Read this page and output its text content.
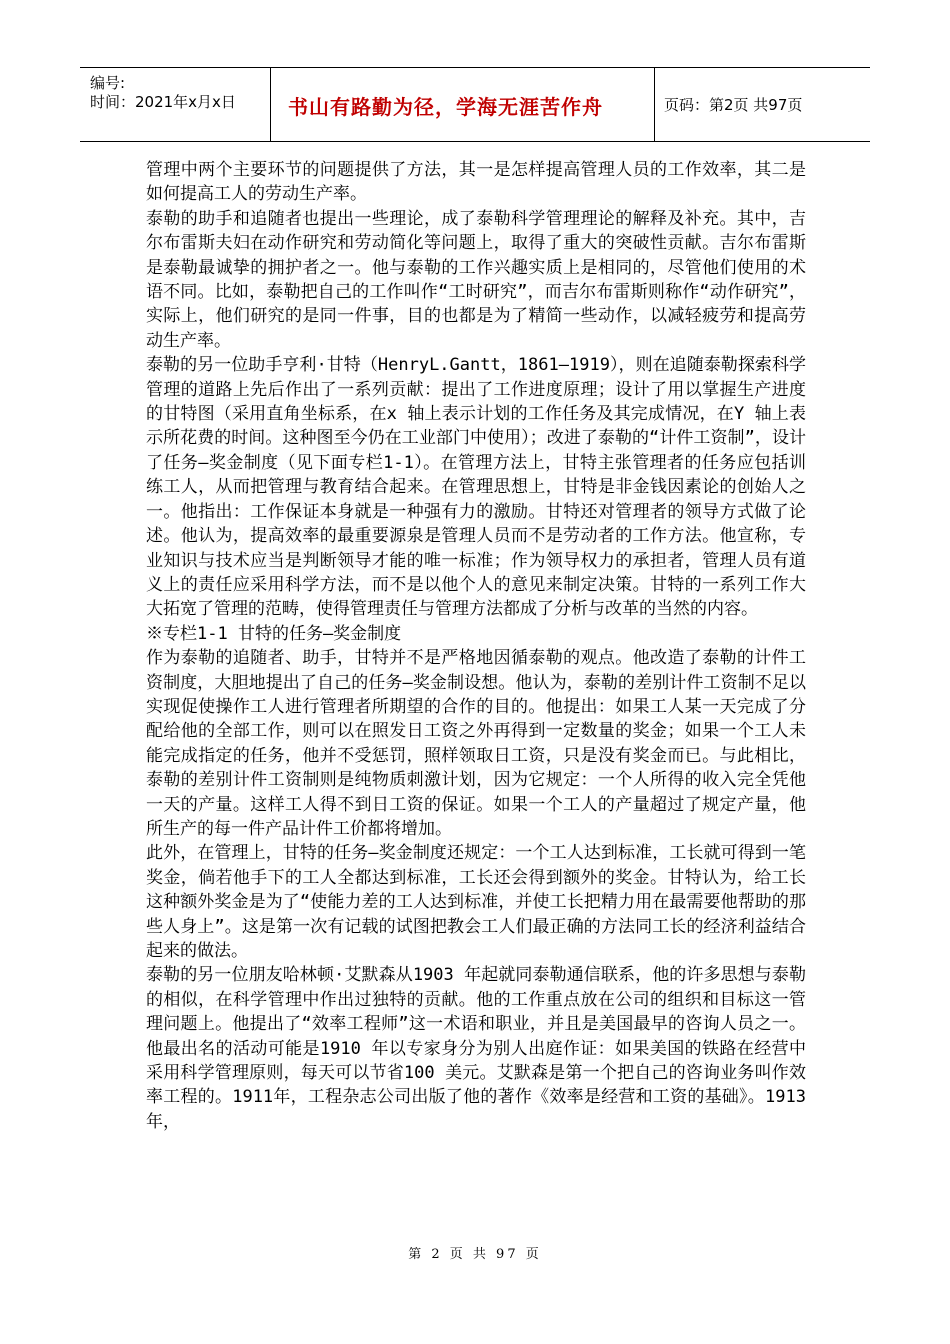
编号:
时间：2021年x月x日	书山有路勤为径，学海无涯苦作舟	页码：第2页 共97页

管理中两个主要环节的问题提供了方法，其一是怎样提高管理人员的工作效率，其二是如何提高工人的劳动生产率。

泰勒的助手和追随者也提出一些理论，成了泰勒科学管理理论的解释及补充。其中，吉尔布雷斯夫妇在动作研究和劳动简化等问题上，取得了重大的突破性贡献。吉尔布雷斯是泰勒最诚挚的拥护者之一。他与泰勒的工作兴趣实质上是相同的，尽管他们使用的术语不同。比如，泰勒把自己的工作叫作“工时研究”，而吉尔布雷斯则称作“动作研究”，实际上，他们研究的是同一件事，目的也都是为了精简一些动作，以减轻疲劳和提高劳动生产率。

泰勒的另一位助手亨利·甘特（HenryL.Gantt，1861—1919），则在追随泰勒探索科学管理的道路上先后作出了一系列贡献：提出了工作进度原理；设计了用以掌握生产进度的甘特图（采用直角坐标系，在x 轴上表示计划的工作任务及其完成情况，在Y 轴上表示所花费的时间。这种图至今仍在工业部门中使用）；改进了泰勒的“计件工资制”，设计了任务—奖金制度（见下面专栏1-1）。在管理方法上，甘特主张管理者的任务应包括训练工人，从而把管理与教育结合起来。在管理思想上，甘特是非金钱因素论的创始人之一。他指出：工作保证本身就是一种强有力的激励。甘特还对管理者的领导方式做了论述。他认为，提高效率的最重要源泉是管理人员而不是劳动者的工作方法。他宣称，专业知识与技术应当是判断领导才能的唯一标准；作为领导权力的承担者，管理人员有道义上的责任应采用科学方法，而不是以他个人的意见来制定决策。甘特的一系列工作大大拓宽了管理的范畴，使得管理责任与管理方法都成了分析与改革的当然的内容。

※专栏1-1 甘特的任务—奖金制度

作为泰勒的追随者、助手，甘特并不是严格地因循泰勒的观点。他改造了泰勒的计件工资制度，大胆地提出了自己的任务—奖金制设想。他认为，泰勒的差别计件工资制不足以实现促使操作工人进行管理者所期望的合作的目的。他提出：如果工人某一天完成了分配给他的全部工作，则可以在照发日工资之外再得到一定数量的奖金；如果一个工人未能完成指定的任务，他并不受惩罚，照样领取日工资，只是没有奖金而已。与此相比，泰勒的差别计件工资制则是纯物质刺激计划，因为它规定：一个人所得的收入完全凭他一天的产量。这样工人得不到日工资的保证。如果一个工人的产量超过了规定产量，他所生产的每一件产品计件工价都将增加。

此外，在管理上，甘特的任务—奖金制度还规定：一个工人达到标准，工长就可得到一笔奖金，倘若他手下的工人全都达到标准，工长还会得到额外的奖金。甘特认为，给工长这种额外奖金是为了“使能力差的工人达到标准，并使工长把精力用在最需要他帮助的那些人身上”。这是第一次有记载的试图把教会工人们最正确的方法同工长的经济利益结合起来的做法。

泰勒的另一位朋友哈林顿·艾默森从1903 年起就同泰勒通信联系，他的许多思想与泰勒的相似，在科学管理中作出过独特的贡献。他的工作重点放在公司的组织和目标这一管理问题上。他提出了“效率工程师”这一术语和职业，并且是美国最早的咨询人员之一。他最出名的活动可能是1910 年以专家身分为别人出庭作证：如果美国的铁路在经营中采用科学管理原则，每天可以节省100 美元。艾默森是第一个把自己的咨询业务叫作效率工程的。1911年，工程杂志公司出版了他的著作《效率是经营和工资的基础》。1913 年，

第 2 页 共 97 页
